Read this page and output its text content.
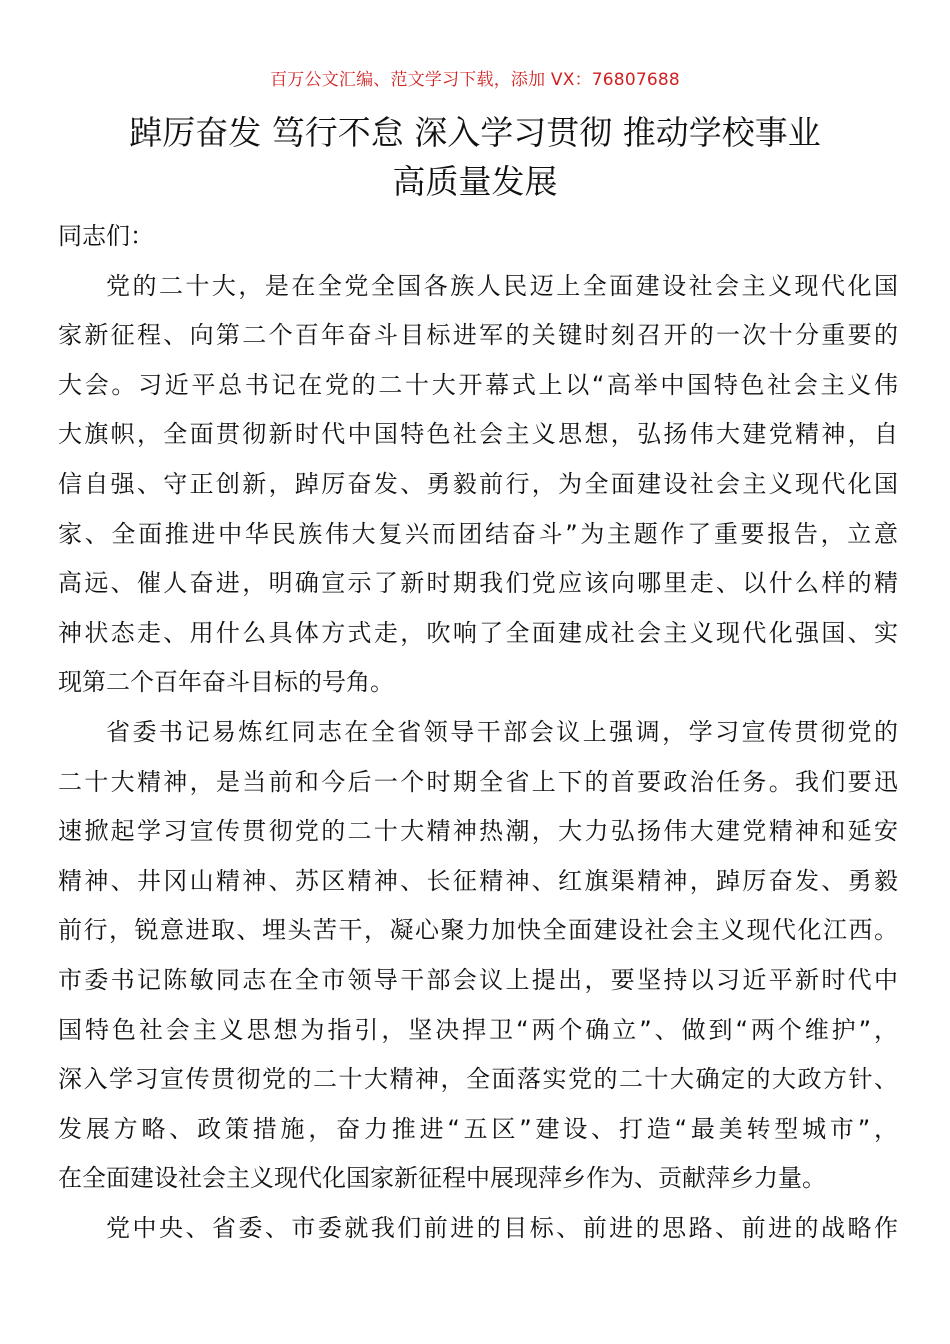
百万公文汇编、范文学习下载，添加 VX：76807688
踔厉奋发 笃行不怠 深入学习贯彻 推动学校事业
高质量发展
同志们：
党的二十大，是在全党全国各族人民迈上全面建设社会主义现代化国
家新征程、向第二个百年奋斗目标进军的关键时刻召开的一次十分重要的
大会。习近平总书记在党的二十大开幕式上以“高举中国特色社会主义伟
大旗帜，全面贯彻新时代中国特色社会主义思想，弘扬伟大建党精神，自
信自强、守正创新，踔厉奋发、勇毅前行，为全面建设社会主义现代化国
家、全面推进中华民族伟大复兴而团结奋斗”为主题作了重要报告，立意
高远、催人奋进，明确宣示了新时期我们党应该向哪里走、以什么样的精
神状态走、用什么具体方式走，吹响了全面建成社会主义现代化强国、实
现第二个百年奋斗目标的号角。
省委书记易炼红同志在全省领导干部会议上强调，学习宣传贯彻党的
二十大精神，是当前和今后一个时期全省上下的首要政治任务。我们要迅
速掀起学习宣传贯彻党的二十大精神热潮，大力弘扬伟大建党精神和延安
精神、井冈山精神、苏区精神、长征精神、红旗渠精神，踔厉奋发、勇毅
前行，锐意进取、埋头苦干，凝心聚力加快全面建设社会主义现代化江西。
市委书记陈敏同志在全市领导干部会议上提出，要坚持以习近平新时代中
国特色社会主义思想为指引，坚决捍卫“两个确立”、做到“两个维护”，
深入学习宣传贯彻党的二十大精神，全面落实党的二十大确定的大政方针、
发展方略、政策措施，奋力推进“五区”建设、打造“最美转型城市”，
在全面建设社会主义现代化国家新征程中展现萍乡作为、贡献萍乡力量。
党中央、省委、市委就我们前进的目标、前进的思路、前进的战略作
